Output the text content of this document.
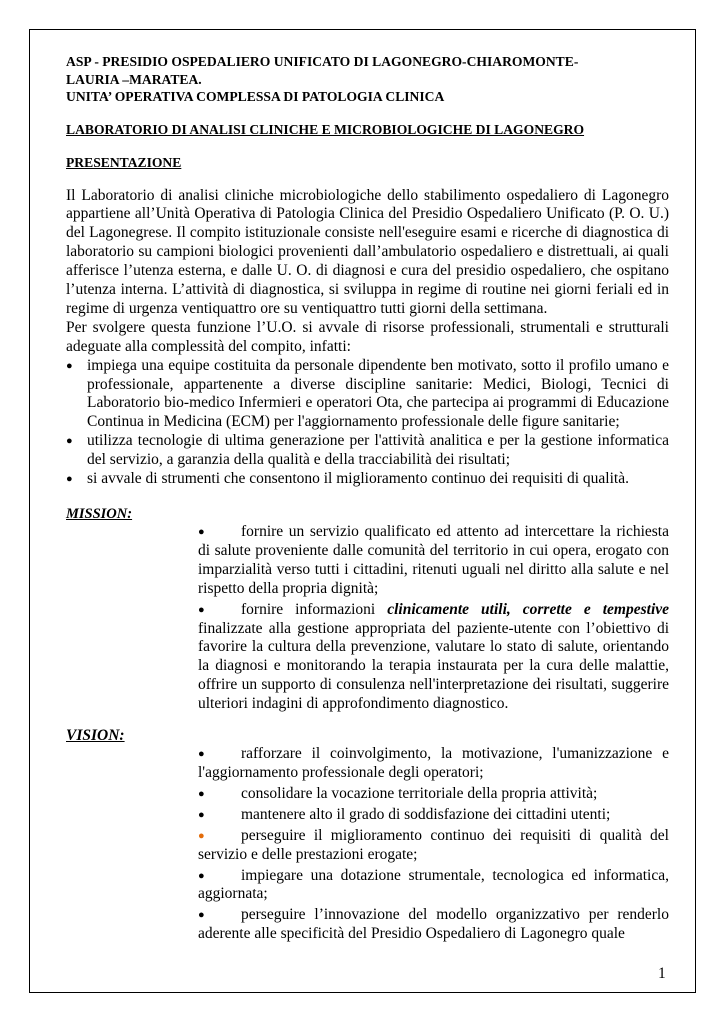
ASP - PRESIDIO OSPEDALIERO UNIFICATO DI LAGONEGRO-CHIAROMONTE-

LAURIA –MARATEA.

UNITA’ OPERATIVA COMPLESSA DI PATOLOGIA CLINICA

LABORATORIO DI ANALISI CLINICHE E MICROBIOLOGICHE DI LAGONEGRO

PRESENTAZIONE

Il Laboratorio di analisi cliniche microbiologiche dello stabilimento ospedaliero di Lagonegro appartiene all’Unità Operativa di Patologia Clinica del Presidio Ospedaliero Unificato (P. O. U.) del Lagonegrese. Il compito istituzionale consiste nell'eseguire esami e ricerche di diagnostica di laboratorio su campioni biologici provenienti dall’ambulatorio ospedaliero e distrettuali, ai quali afferisce l’utenza esterna, e dalle U. O. di diagnosi e cura del presidio ospedaliero, che ospitano l’utenza interna. L’attività di diagnostica, si sviluppa in regime di routine nei giorni feriali ed in regime di urgenza ventiquattro ore su ventiquattro tutti giorni della settimana.

Per svolgere questa funzione l’U.O. si avvale di risorse professionali, strumentali e strutturali adeguate alla complessità del compito, infatti:

● impiega una equipe costituita da personale dipendente ben motivato, sotto il profilo umano e professionale, appartenente a diverse discipline sanitarie: Medici, Biologi, Tecnici di Laboratorio bio-medico Infermieri e operatori Ota, che partecipa ai programmi di Educazione Continua in Medicina (ECM) per l'aggiornamento professionale delle figure sanitarie;
● utilizza tecnologie di ultima generazione per l'attività analitica e per la gestione informatica del servizio, a garanzia della qualità e della tracciabilità dei risultati;
● si avvale di strumenti che consentono il miglioramento continuo dei requisiti di qualità.

MISSION:

● fornire un servizio qualificato ed attento ad intercettare la richiesta di salute proveniente dalle comunità del territorio in cui opera, erogato con imparzialità verso tutti i cittadini, ritenuti uguali nel diritto alla salute e nel rispetto della propria dignità;
● fornire informazioni clinicamente utili, corrette e tempestive finalizzate alla gestione appropriata del paziente-utente con l’obiettivo di favorire la cultura della prevenzione, valutare lo stato di salute, orientando la diagnosi e monitorando la terapia instaurata per la cura delle malattie, offrire un supporto di consulenza nell'interpretazione dei risultati, suggerire ulteriori indagini di approfondimento diagnostico.

VISION:

● rafforzare il coinvolgimento, la motivazione, l'umanizzazione e l'aggiornamento professionale degli operatori;
● consolidare la vocazione territoriale della propria attività;
● mantenere alto il grado di soddisfazione dei cittadini utenti;
● perseguire il miglioramento continuo dei requisiti di qualità del servizio e delle prestazioni erogate;
● impiegare una dotazione strumentale, tecnologica ed informatica, aggiornata;
● perseguire l’innovazione del modello organizzativo per renderlo aderente alle specificità del Presidio Ospedaliero di Lagonegro quale
1
